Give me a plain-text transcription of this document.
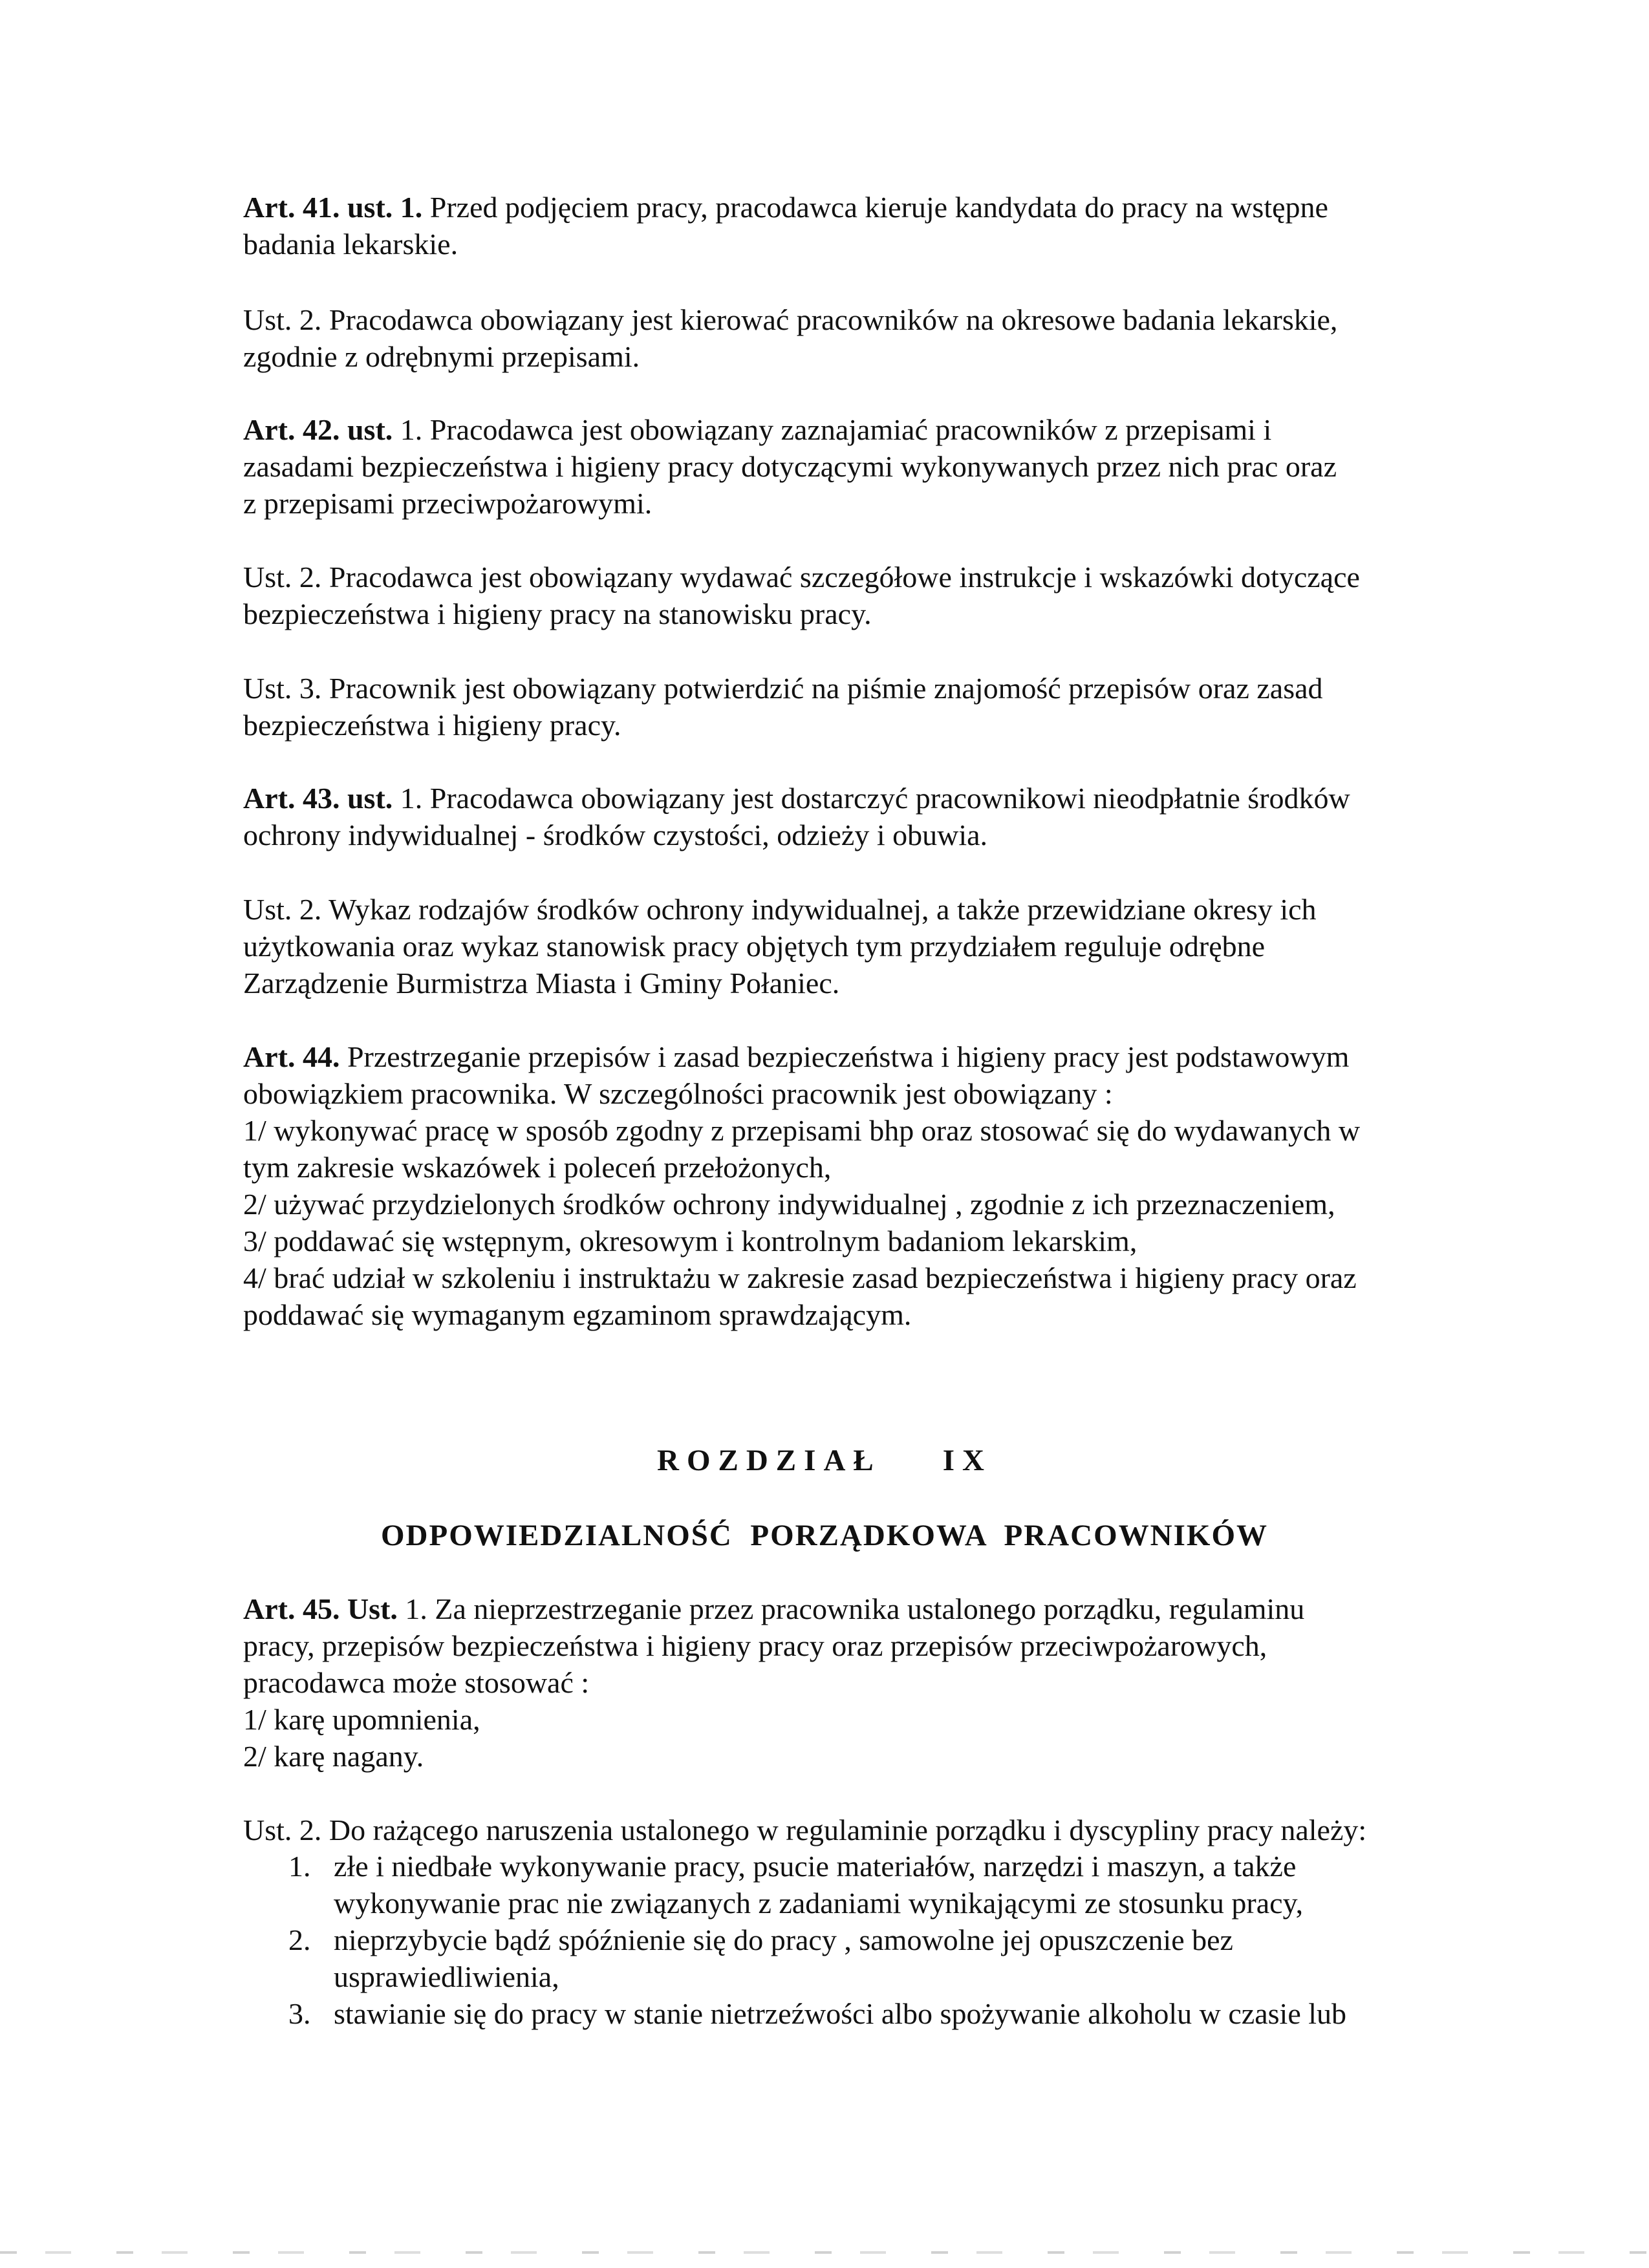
Art. 41. ust. 1. Przed podjęciem pracy, pracodawca kieruje kandydata do pracy na wstępne
badania lekarskie.
Ust. 2. Pracodawca obowiązany jest kierować pracowników na okresowe badania lekarskie,
zgodnie z odrębnymi przepisami.
Art. 42. ust. 1. Pracodawca jest obowiązany zaznajamiać pracowników z przepisami i
zasadami bezpieczeństwa i higieny pracy dotyczącymi wykonywanych przez nich prac oraz
z przepisami przeciwpożarowymi.
Ust. 2. Pracodawca jest obowiązany wydawać szczegółowe instrukcje i wskazówki dotyczące
bezpieczeństwa i higieny pracy na stanowisku pracy.
Ust. 3. Pracownik jest obowiązany potwierdzić na piśmie znajomość przepisów oraz zasad
bezpieczeństwa i higieny pracy.
Art. 43. ust. 1. Pracodawca obowiązany jest dostarczyć pracownikowi nieodpłatnie środków
ochrony indywidualnej - środków czystości, odzieży i obuwia.
Ust. 2. Wykaz rodzajów środków ochrony indywidualnej, a także przewidziane okresy ich
użytkowania oraz wykaz stanowisk pracy objętych tym przydziałem reguluje odrębne
Zarządzenie Burmistrza Miasta i Gminy Połaniec.
Art. 44. Przestrzeganie przepisów i zasad bezpieczeństwa i higieny pracy jest podstawowym
obowiązkiem pracownika. W szczególności pracownik jest obowiązany :
1/ wykonywać pracę w sposób zgodny z przepisami bhp oraz stosować się do wydawanych w
tym zakresie wskazówek i poleceń przełożonych,
2/ używać przydzielonych środków ochrony indywidualnej , zgodnie z ich przeznaczeniem,
3/ poddawać się wstępnym, okresowym i kontrolnym badaniom lekarskim,
4/ brać udział w szkoleniu i instruktażu w zakresie zasad bezpieczeństwa i higieny pracy oraz
poddawać się wymaganym egzaminom sprawdzającym.
ROZDZIAŁ    IX
ODPOWIEDZIALNOŚĆ  PORZĄDKOWA  PRACOWNIKÓW
Art. 45. Ust. 1. Za nieprzestrzeganie przez pracownika ustalonego porządku, regulaminu
pracy, przepisów bezpieczeństwa i higieny pracy oraz przepisów przeciwpożarowych,
pracodawca może stosować :
1/ karę upomnienia,
2/ karę nagany.
Ust. 2. Do rażącego naruszenia ustalonego w regulaminie porządku i dyscypliny pracy należy:
1. złe i niedbałe wykonywanie pracy, psucie materiałów, narzędzi i maszyn, a także
wykonywanie prac nie związanych z zadaniami wynikającymi ze stosunku pracy,
2. nieprzybycie bądź spóźnienie się do pracy , samowolne jej opuszczenie bez
usprawiedliwienia,
3. stawianie się do pracy w stanie nietrzeźwości albo spożywanie alkoholu w czasie lub
